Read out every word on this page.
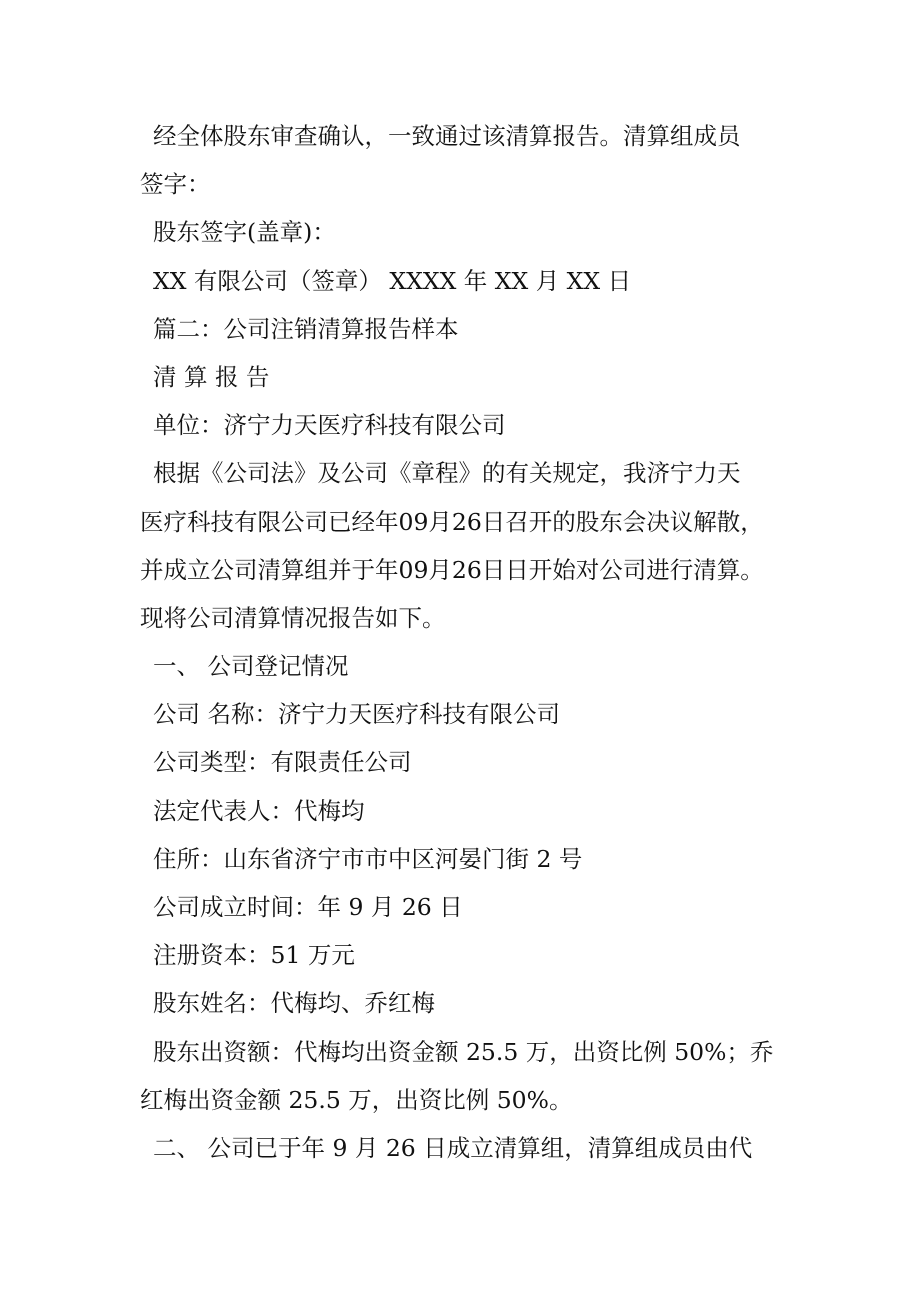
经全体股东审查确认，一致通过该清算报告。清算组成员
签字：
股东签字(盖章)：
XX 有限公司（签章） XXXX 年 XX 月 XX 日
篇二：公司注销清算报告样本
清 算 报 告
单位：济宁力天医疗科技有限公司
根据《公司法》及公司《章程》的有关规定，我济宁力天
医疗科技有限公司已经年09月26日召开的股东会决议解散，
并成立公司清算组并于年09月26日日开始对公司进行清算。
现将公司清算情况报告如下。
一、 公司登记情况
公司 名称：济宁力天医疗科技有限公司
公司类型：有限责任公司
法定代表人：代梅均
住所：山东省济宁市市中区河晏门街 2 号
公司成立时间：年 9 月 26 日
注册资本：51 万元
股东姓名：代梅均、乔红梅
股东出资额：代梅均出资金额 25.5 万，出资比例 50%；乔
红梅出资金额 25.5 万，出资比例 50%。
二、 公司已于年 9 月 26 日成立清算组，清算组成员由代
